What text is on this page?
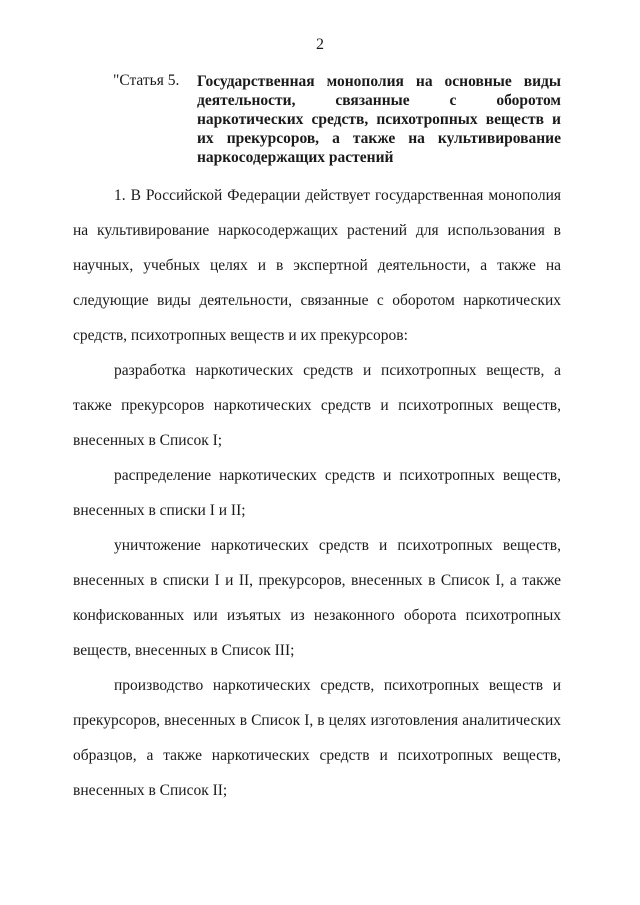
2
"Статья 5. Государственная монополия на основные виды деятельности, связанные с оборотом наркотических средств, психотропных веществ и их прекурсоров, а также на культивирование наркосодержащих растений

1. В Российской Федерации действует государственная монополия на культивирование наркосодержащих растений для использования в научных, учебных целях и в экспертной деятельности, а также на следующие виды деятельности, связанные с оборотом наркотических средств, психотропных веществ и их прекурсоров:

разработка наркотических средств и психотропных веществ, а также прекурсоров наркотических средств и психотропных веществ, внесенных в Список I;

распределение наркотических средств и психотропных веществ, внесенных в списки I и II;

уничтожение наркотических средств и психотропных веществ, внесенных в списки I и II, прекурсоров, внесенных в Список I, а также конфискованных или изъятых из незаконного оборота психотропных веществ, внесенных в Список III;

производство наркотических средств, психотропных веществ и прекурсоров, внесенных в Список I, в целях изготовления аналитических образцов, а также наркотических средств и психотропных веществ, внесенных в Список II;
